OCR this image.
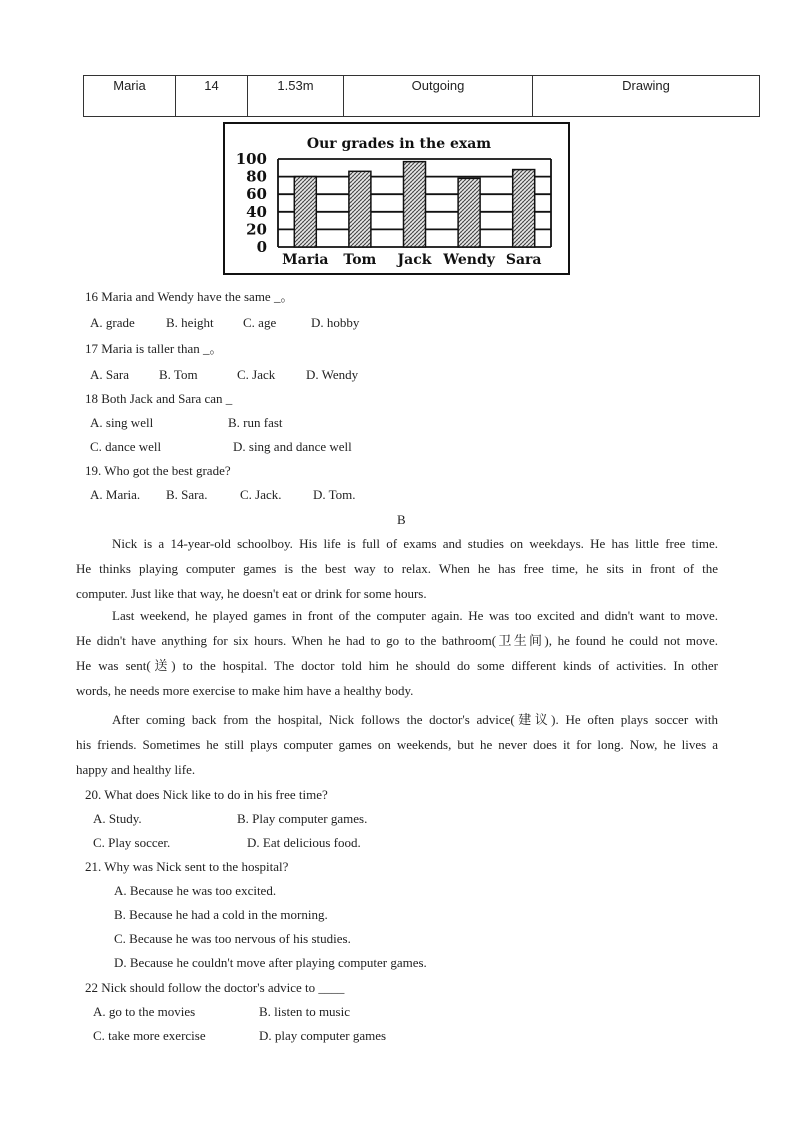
Maria	14	1.53m	Outgoing	Drawing
Our grades in the exam
0
20
40
60
80
100
Maria Tom Jack Wendy Sara
16 Maria and Wendy have the same _。
A. grade B. height C. age	D. hobby
17 Maria is taller than _。
A. Sara B. Tom	C. Jack D. Wendy
18 Both Jack and Sara can _
A. sing well	B. run fast
C. dance well	D. sing and dance well
19. Who got the best grade?
A. Maria. B. Sara. C. Jack. D. Tom.
B
Nick is a 14-year-old schoolboy. His life is full of exams and studies on weekdays. He has little free time.
He thinks playing computer games is the best way to relax. When he has free time, he sits in front of the
computer. Just like that way, he doesn't eat or drink for some hours.
Last weekend, he played games in front of the computer again. He was too excited and didn't want to move.
He didn't have anything for six hours. When he had to go to the bathroom(卫生间), he found he could not move.
He was sent(送) to the hospital. The doctor told him he should do some different kinds of activities. In other
words, he needs more exercise to make him have a healthy body.
After coming back from the hospital, Nick follows the doctor's advice(建议). He often plays soccer with
his friends. Sometimes he still plays computer games on weekends, but he never does it for long. Now, he lives a
happy and healthy life.
20. What does Nick like to do in his free time?
A. Study.	B. Play computer games.
C. Play soccer.	D. Eat delicious food.
21. Why was Nick sent to the hospital?
A. Because he was too excited.
B. Because he had a cold in the morning.
C. Because he was too nervous of his studies.
D. Because he couldn't move after playing computer games.
22 Nick should follow the doctor's advice to ____
A. go to the movies	B. listen to music
C. take more exercise	D. play computer games
